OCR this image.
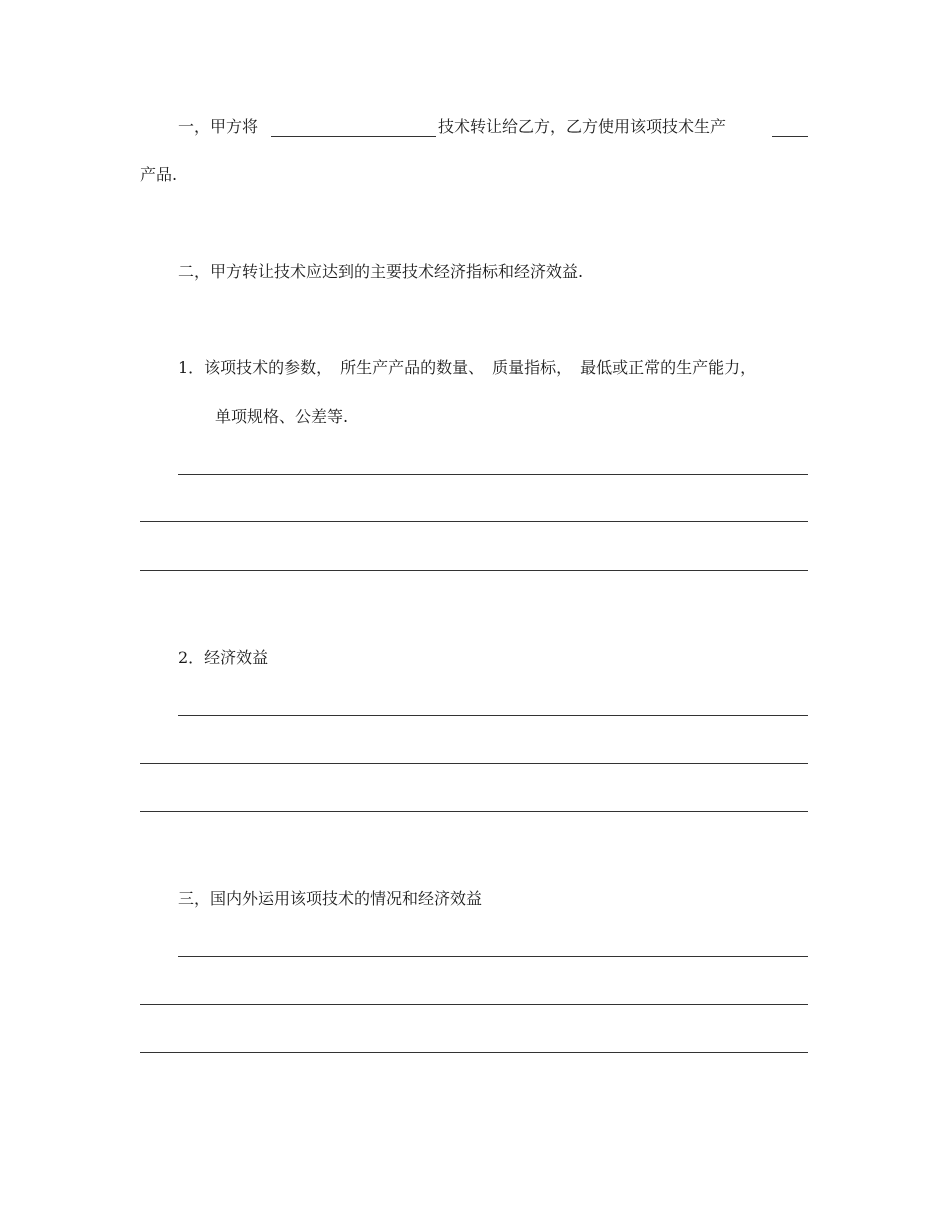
一，甲方将	技术转让给乙方，乙方使用该项技术生产
产品.
二，甲方转让技术应达到的主要技术经济指标和经济效益.
1．该项技术的参数，　所生产产品的数量、　质量指标，　最低或正常的生产能力，
单项规格、公差等.
2．经济效益
三，国内外运用该项技术的情况和经济效益
